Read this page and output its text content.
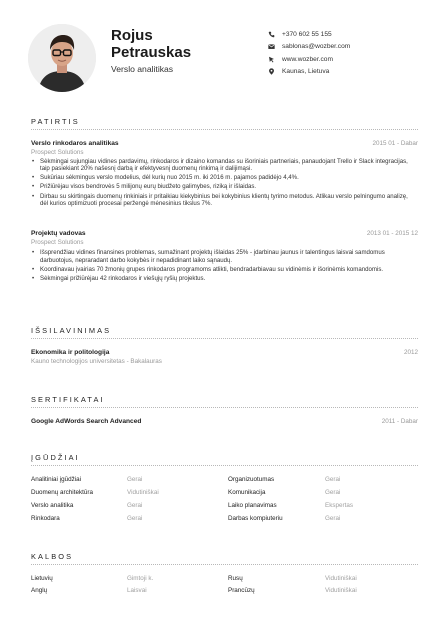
Rojus
Petrauskas
Verslo analitikas
+370 602 55 155
sablonas@wozber.com
www.wozber.com
Kaunas, Lietuva
PATIRTIS
Verslo rinkodaros analitikas	2015 01 - Dabar
Prospect Solutions
• Sėkmingai sujungiau vidines pardavimų, rinkodaros ir dizaino komandas su išoriniais partneriais, panaudojant Trello ir Slack integracijas, taip pasiekiant 20% našesnį darbą ir efektyvesnį duomenų rinkimą ir dalijimąsi.
• Sukūriau sėkmingus verslo modelius, dėl kurių nuo 2015 m. iki 2016 m. pajamos padidėjo 4,4%.
• Prižiūrėjau visos bendrovės 5 milijonų eurų biudžeto galimybes, riziką ir išlaidas.
• Dirbau su skirtingais duomenų rinkiniais ir pritaikiau kiekybinius bei kokybinius klientų tyrimo metodus. Atlikau verslo pelningumo analizę, dėl kurios optimizuoti procesai peržengė mėnesinius tikslus 7%.
Projektų vadovas	2013 01 - 2015 12
Prospect Solutions
• Išsprendžiau vidines finansines problemas, sumažinant projektų išlaidas 25% - įdarbinau jaunus ir talentingus laisvai samdomus darbuotojus, nepraradant darbo kokybės ir nepadidinant laiko sąnaudų.
• Koordinavau įvairias 70 žmonių grupes rinkodaros programoms atlikti, bendradarbiavau su vidinėmis ir išorinėmis komandomis.
• Sėkmingai prižiūrėjau 42 rinkodaros ir viešųjų ryšių projektus.
IŠSILAVINIMAS
Ekonomika ir politologija	2012
Kauno technologijos universitetas - Bakalauras
SERTIFIKATAI
Google AdWords Search Advanced	2011 - Dabar
ĮGŪDŽIAI
Analitiniai įgūdžiai	Gerai	Organizuotumas	Gerai
Duomenų architektūra	Vidutiniškai	Komunikacija	Gerai
Verslo analitika	Gerai	Laiko planavimas	Ekspertas
Rinkodara	Gerai	Darbas kompiuteriu	Gerai
KALBOS
Lietuvių	Gimtoji k.	Rusų	Vidutiniškai
Anglų	Laisvai	Prancūzų	Vidutiniškai
